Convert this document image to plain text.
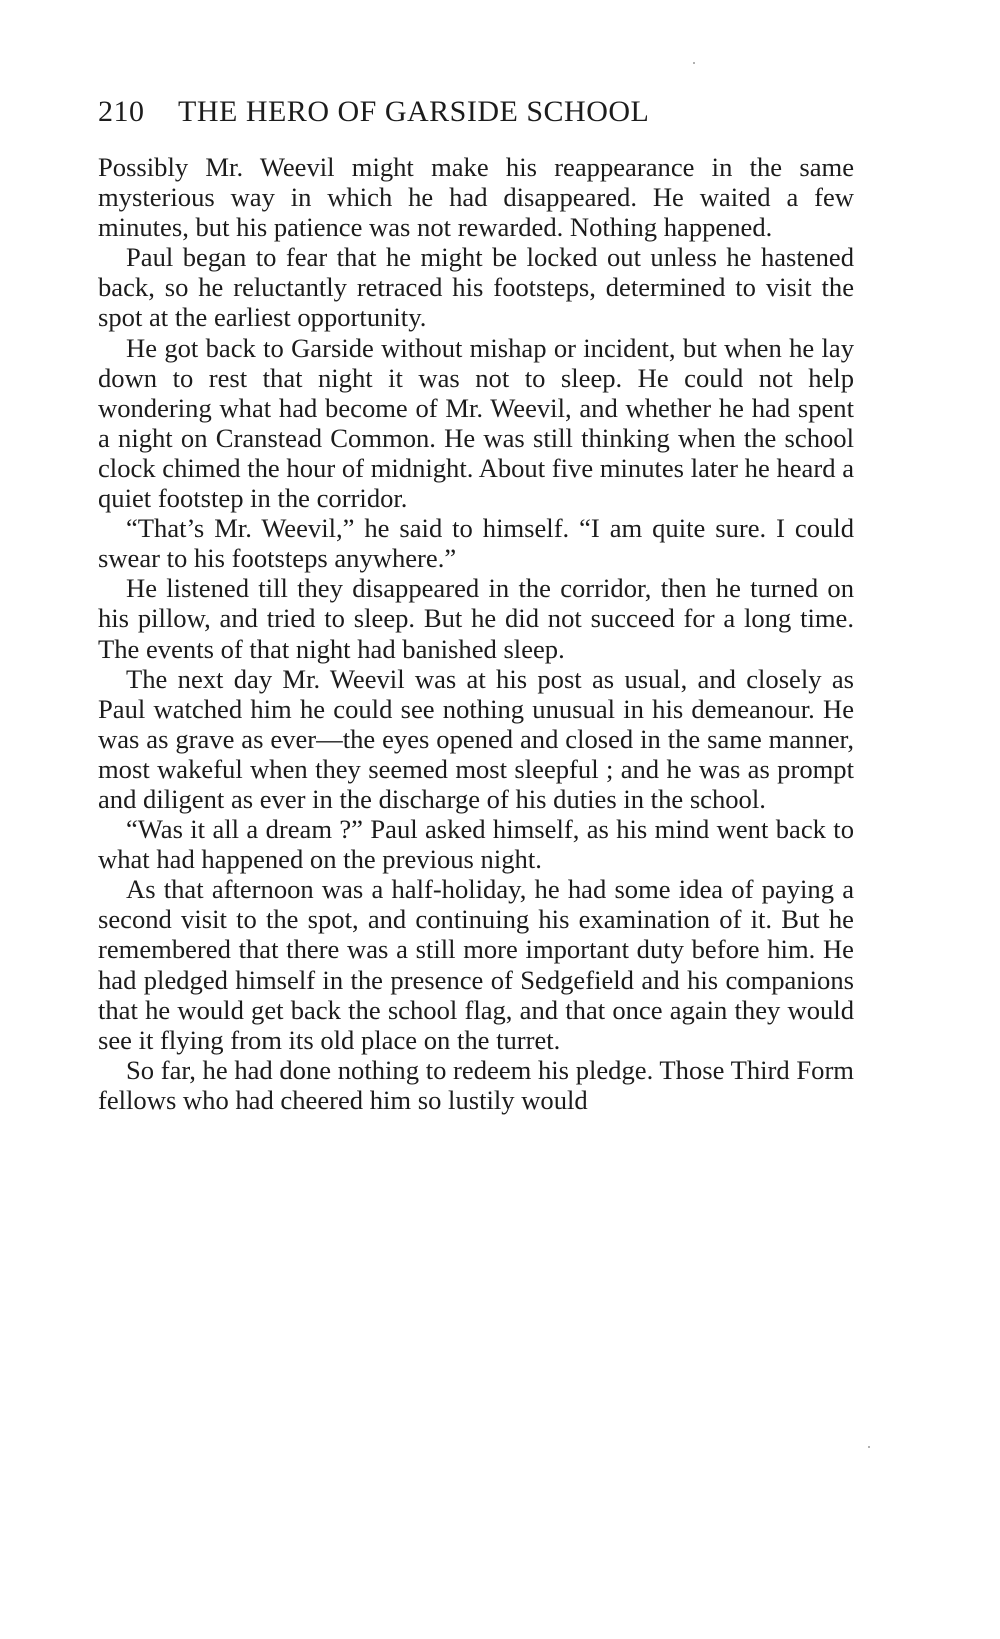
210 THE HERO OF GARSIDE SCHOOL

Possibly Mr. Weevil might make his reappearance in the same mysterious way in which he had disappeared. He waited a few minutes, but his patience was not rewarded. Nothing happened.

Paul began to fear that he might be locked out unless he hastened back, so he reluctantly retraced his footsteps, determined to visit the spot at the earliest opportunity.

He got back to Garside without mishap or incident, but when he lay down to rest that night it was not to sleep. He could not help wondering what had become of Mr. Weevil, and whether he had spent a night on Cranstead Common. He was still thinking when the school clock chimed the hour of midnight. About five minutes later he heard a quiet footstep in the corridor.

“That’s Mr. Weevil,” he said to himself. “I am quite sure. I could swear to his footsteps anywhere.”

He listened till they disappeared in the corridor, then he turned on his pillow, and tried to sleep. But he did not succeed for a long time. The events of that night had banished sleep.

The next day Mr. Weevil was at his post as usual, and closely as Paul watched him he could see nothing unusual in his demeanour. He was as grave as ever—the eyes opened and closed in the same manner, most wakeful when they seemed most sleepful ; and he was as prompt and diligent as ever in the discharge of his duties in the school.

“Was it all a dream ?” Paul asked himself, as his mind went back to what had happened on the previous night.

As that afternoon was a half-holiday, he had some idea of paying a second visit to the spot, and continuing his examination of it. But he remembered that there was a still more important duty before him. He had pledged himself in the presence of Sedgefield and his companions that he would get back the school flag, and that once again they would see it flying from its old place on the turret.

So far, he had done nothing to redeem his pledge. Those Third Form fellows who had cheered him so lustily would
